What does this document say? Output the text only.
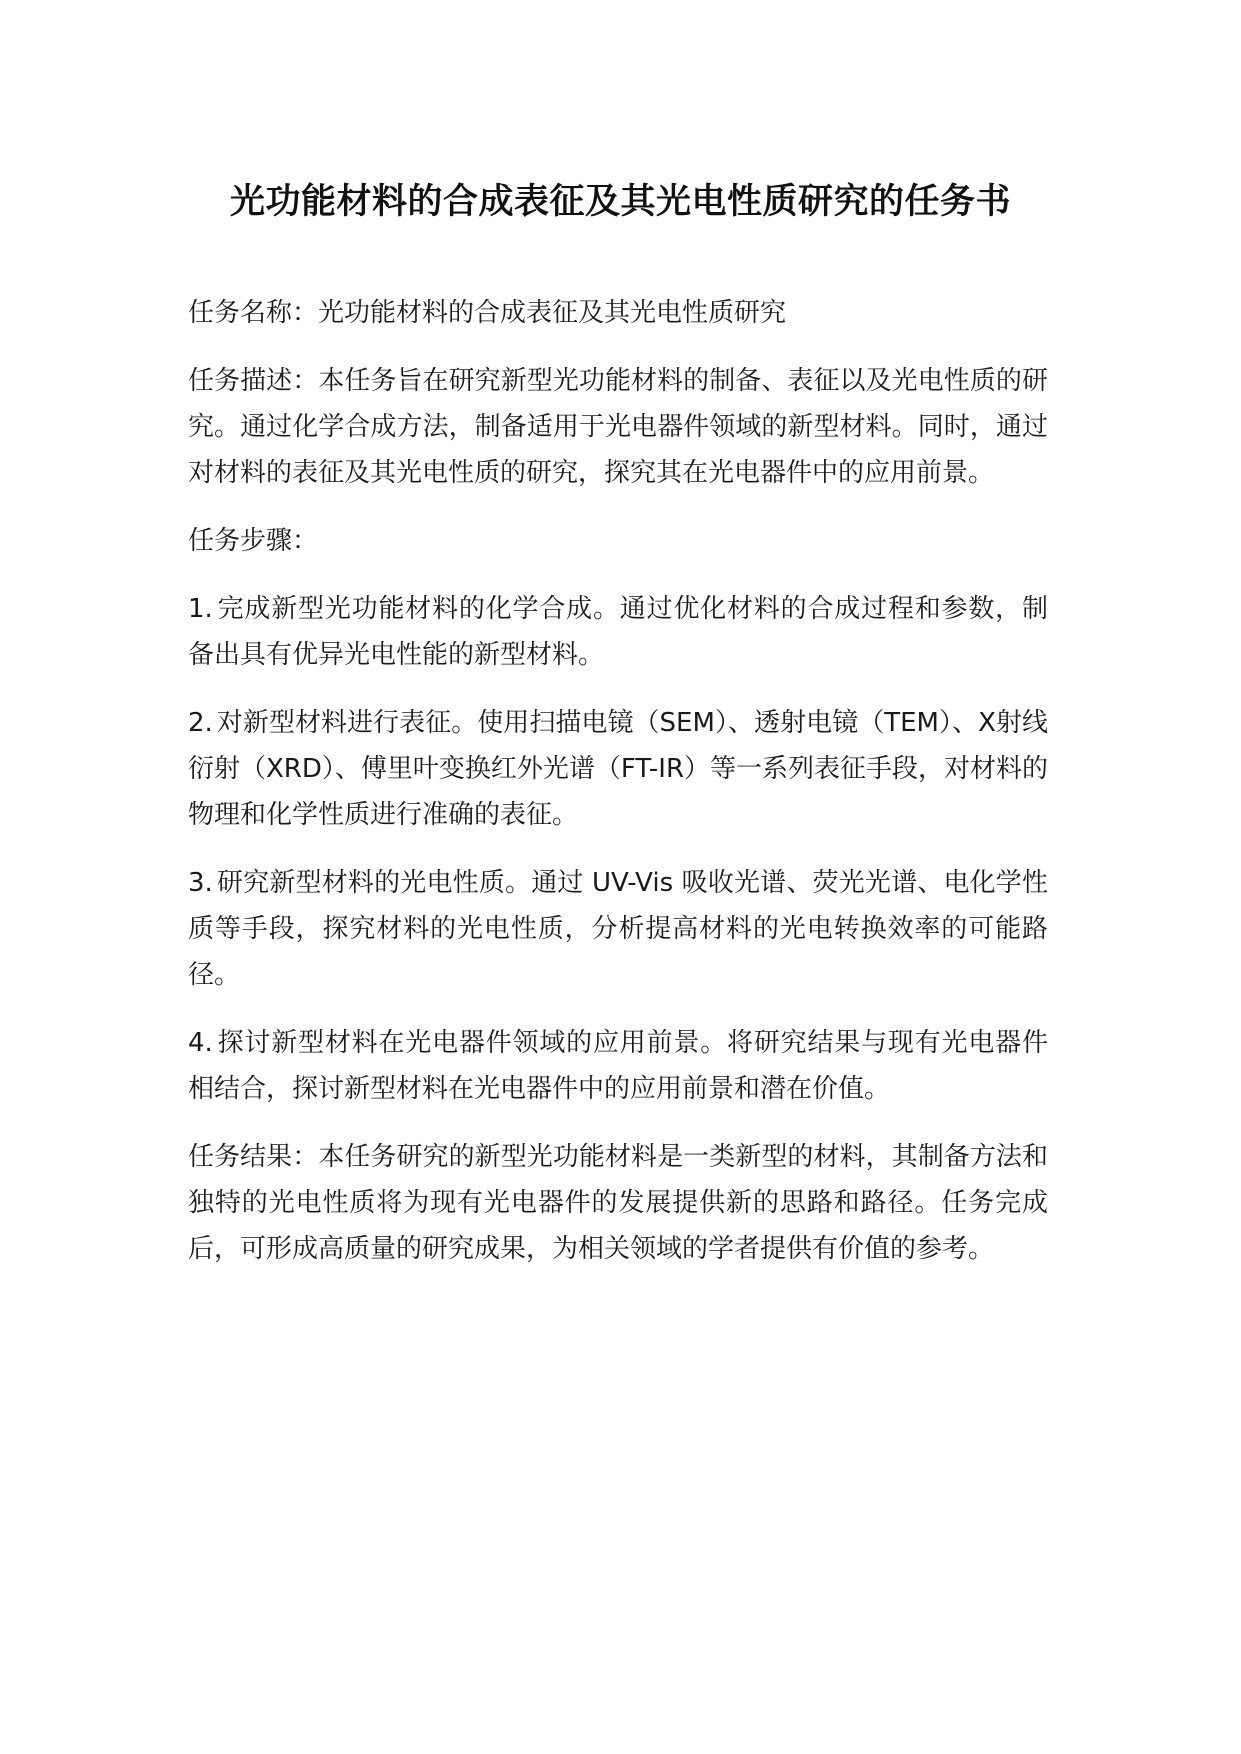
光功能材料的合成表征及其光电性质研究的任务书

任务名称：光功能材料的合成表征及其光电性质研究

任务描述：本任务旨在研究新型光功能材料的制备、表征以及光电性质的研究。通过化学合成方法，制备适用于光电器件领域的新型材料。同时，通过对材料的表征及其光电性质的研究，探究其在光电器件中的应用前景。

任务步骤：

1. 完成新型光功能材料的化学合成。通过优化材料的合成过程和参数，制备出具有优异光电性能的新型材料。

2. 对新型材料进行表征。使用扫描电镜（SEM）、透射电镜（TEM）、X射线衍射（XRD）、傅里叶变换红外光谱（FT-IR）等一系列表征手段，对材料的物理和化学性质进行准确的表征。

3. 研究新型材料的光电性质。通过 UV-Vis 吸收光谱、荧光光谱、电化学性质等手段，探究材料的光电性质，分析提高材料的光电转换效率的可能路径。

4. 探讨新型材料在光电器件领域的应用前景。将研究结果与现有光电器件相结合，探讨新型材料在光电器件中的应用前景和潜在价值。

任务结果：本任务研究的新型光功能材料是一类新型的材料，其制备方法和独特的光电性质将为现有光电器件的发展提供新的思路和路径。任务完成后，可形成高质量的研究成果，为相关领域的学者提供有价值的参考。
